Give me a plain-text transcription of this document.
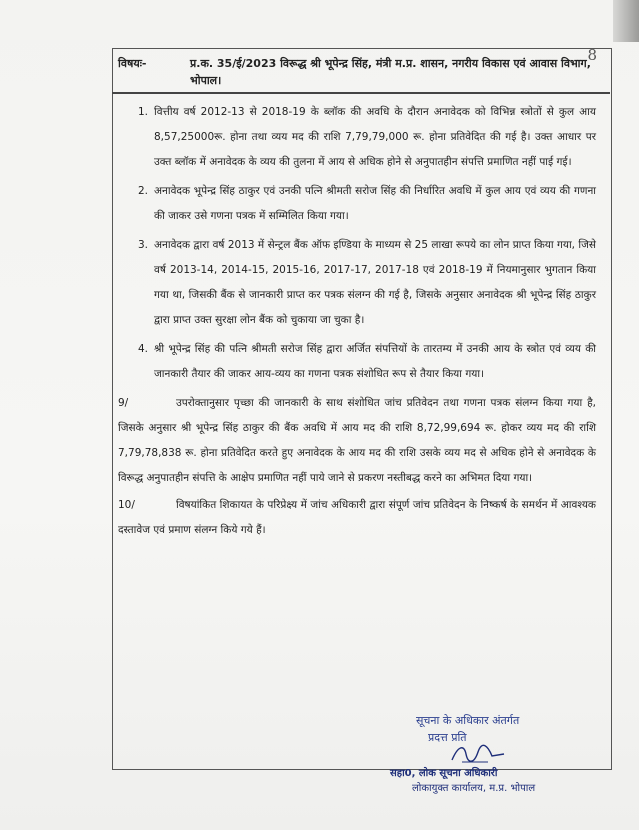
8
विषयः-	प्र.क. 35/ई/2023 विरूद्ध श्री भूपेन्द्र सिंह, मंत्री म.प्र. शासन, नगरीय विकास एवं आवास विभाग, भोपाल।
1. वित्तीय वर्ष 2012-13 से 2018-19 के ब्लॉक की अवधि के दौरान अनावेदक को विभिन्न स्त्रोतों से कुल आय 8,57,25000रू. होना तथा व्यय मद की राशि 7,79,79,000 रू. होना प्रतिवेदित की गई है। उक्त आधार पर उक्त ब्लॉक में अनावेदक के व्यय की तुलना में आय से अधिक होने से अनुपातहीन संपत्ति प्रमाणित नहीं पाई गई।
2. अनावेदक भूपेन्द्र सिंह ठाकुर एवं उनकी पत्नि श्रीमती सरोज सिंह की निर्धारित अवधि में कुल आय एवं व्यय की गणना की जाकर उसे गणना पत्रक में सम्मिलित किया गया।
3. अनावेदक द्वारा वर्ष 2013 में सेन्ट्रल बैंक ऑफ इण्डिया के माध्यम से 25 लाखा रूपये का लोन प्राप्त किया गया, जिसे वर्ष 2013-14, 2014-15, 2015-16, 2017-17, 2017-18 एवं 2018-19 में नियमानुसार भुगतान किया गया था, जिसकी बैंक से जानकारी प्राप्त कर पत्रक संलग्न की गई है, जिसके अनुसार अनावेदक श्री भूपेन्द्र सिंह ठाकुर द्वारा प्राप्त उक्त सुरक्षा लोन बैंक को चुकाया जा चुका है।
4. श्री भूपेन्द्र सिंह की पत्नि श्रीमती सरोज सिंह द्वारा अर्जित संपत्तियों के तारतम्य में उनकी आय के स्त्रोत एवं व्यय की जानकारी तैयार की जाकर आय-व्यय का गणना पत्रक संशोधित रूप से तैयार किया गया।
9/	उपरोक्तानुसार पृच्छा की जानकारी के साथ संशोधित जांच प्रतिवेदन तथा गणना पत्रक संलग्न किया गया है, जिसके अनुसार श्री भूपेन्द्र सिंह ठाकुर की बैंक अवधि में आय मद की राशि 8,72,99,694 रू. होकर व्यय मद की राशि 7,79,78,838 रू. होना प्रतिवेदित करते हुए अनावेदक के आय मद की राशि उसके व्यय मद से अधिक होने से अनावेदक के विरूद्ध अनुपातहीन संपत्ति के आक्षेप प्रमाणित नहीं पाये जाने से प्रकरण नस्तीबद्ध करने का अभिमत दिया गया।
10/	विषयांकित शिकायत के परिप्रेक्ष्य में जांच अधिकारी द्वारा संपूर्ण जांच प्रतिवेदन के निष्कर्ष के समर्थन में आवश्यक दस्तावेज एवं प्रमाण संलग्न किये गये हैं।
सूचना के अधिकार अंतर्गत
प्रदत्त प्रति
सहा0, लोक सूचना अधिकारी
लोकायुक्त कार्यालय, म.प्र. भोपाल
